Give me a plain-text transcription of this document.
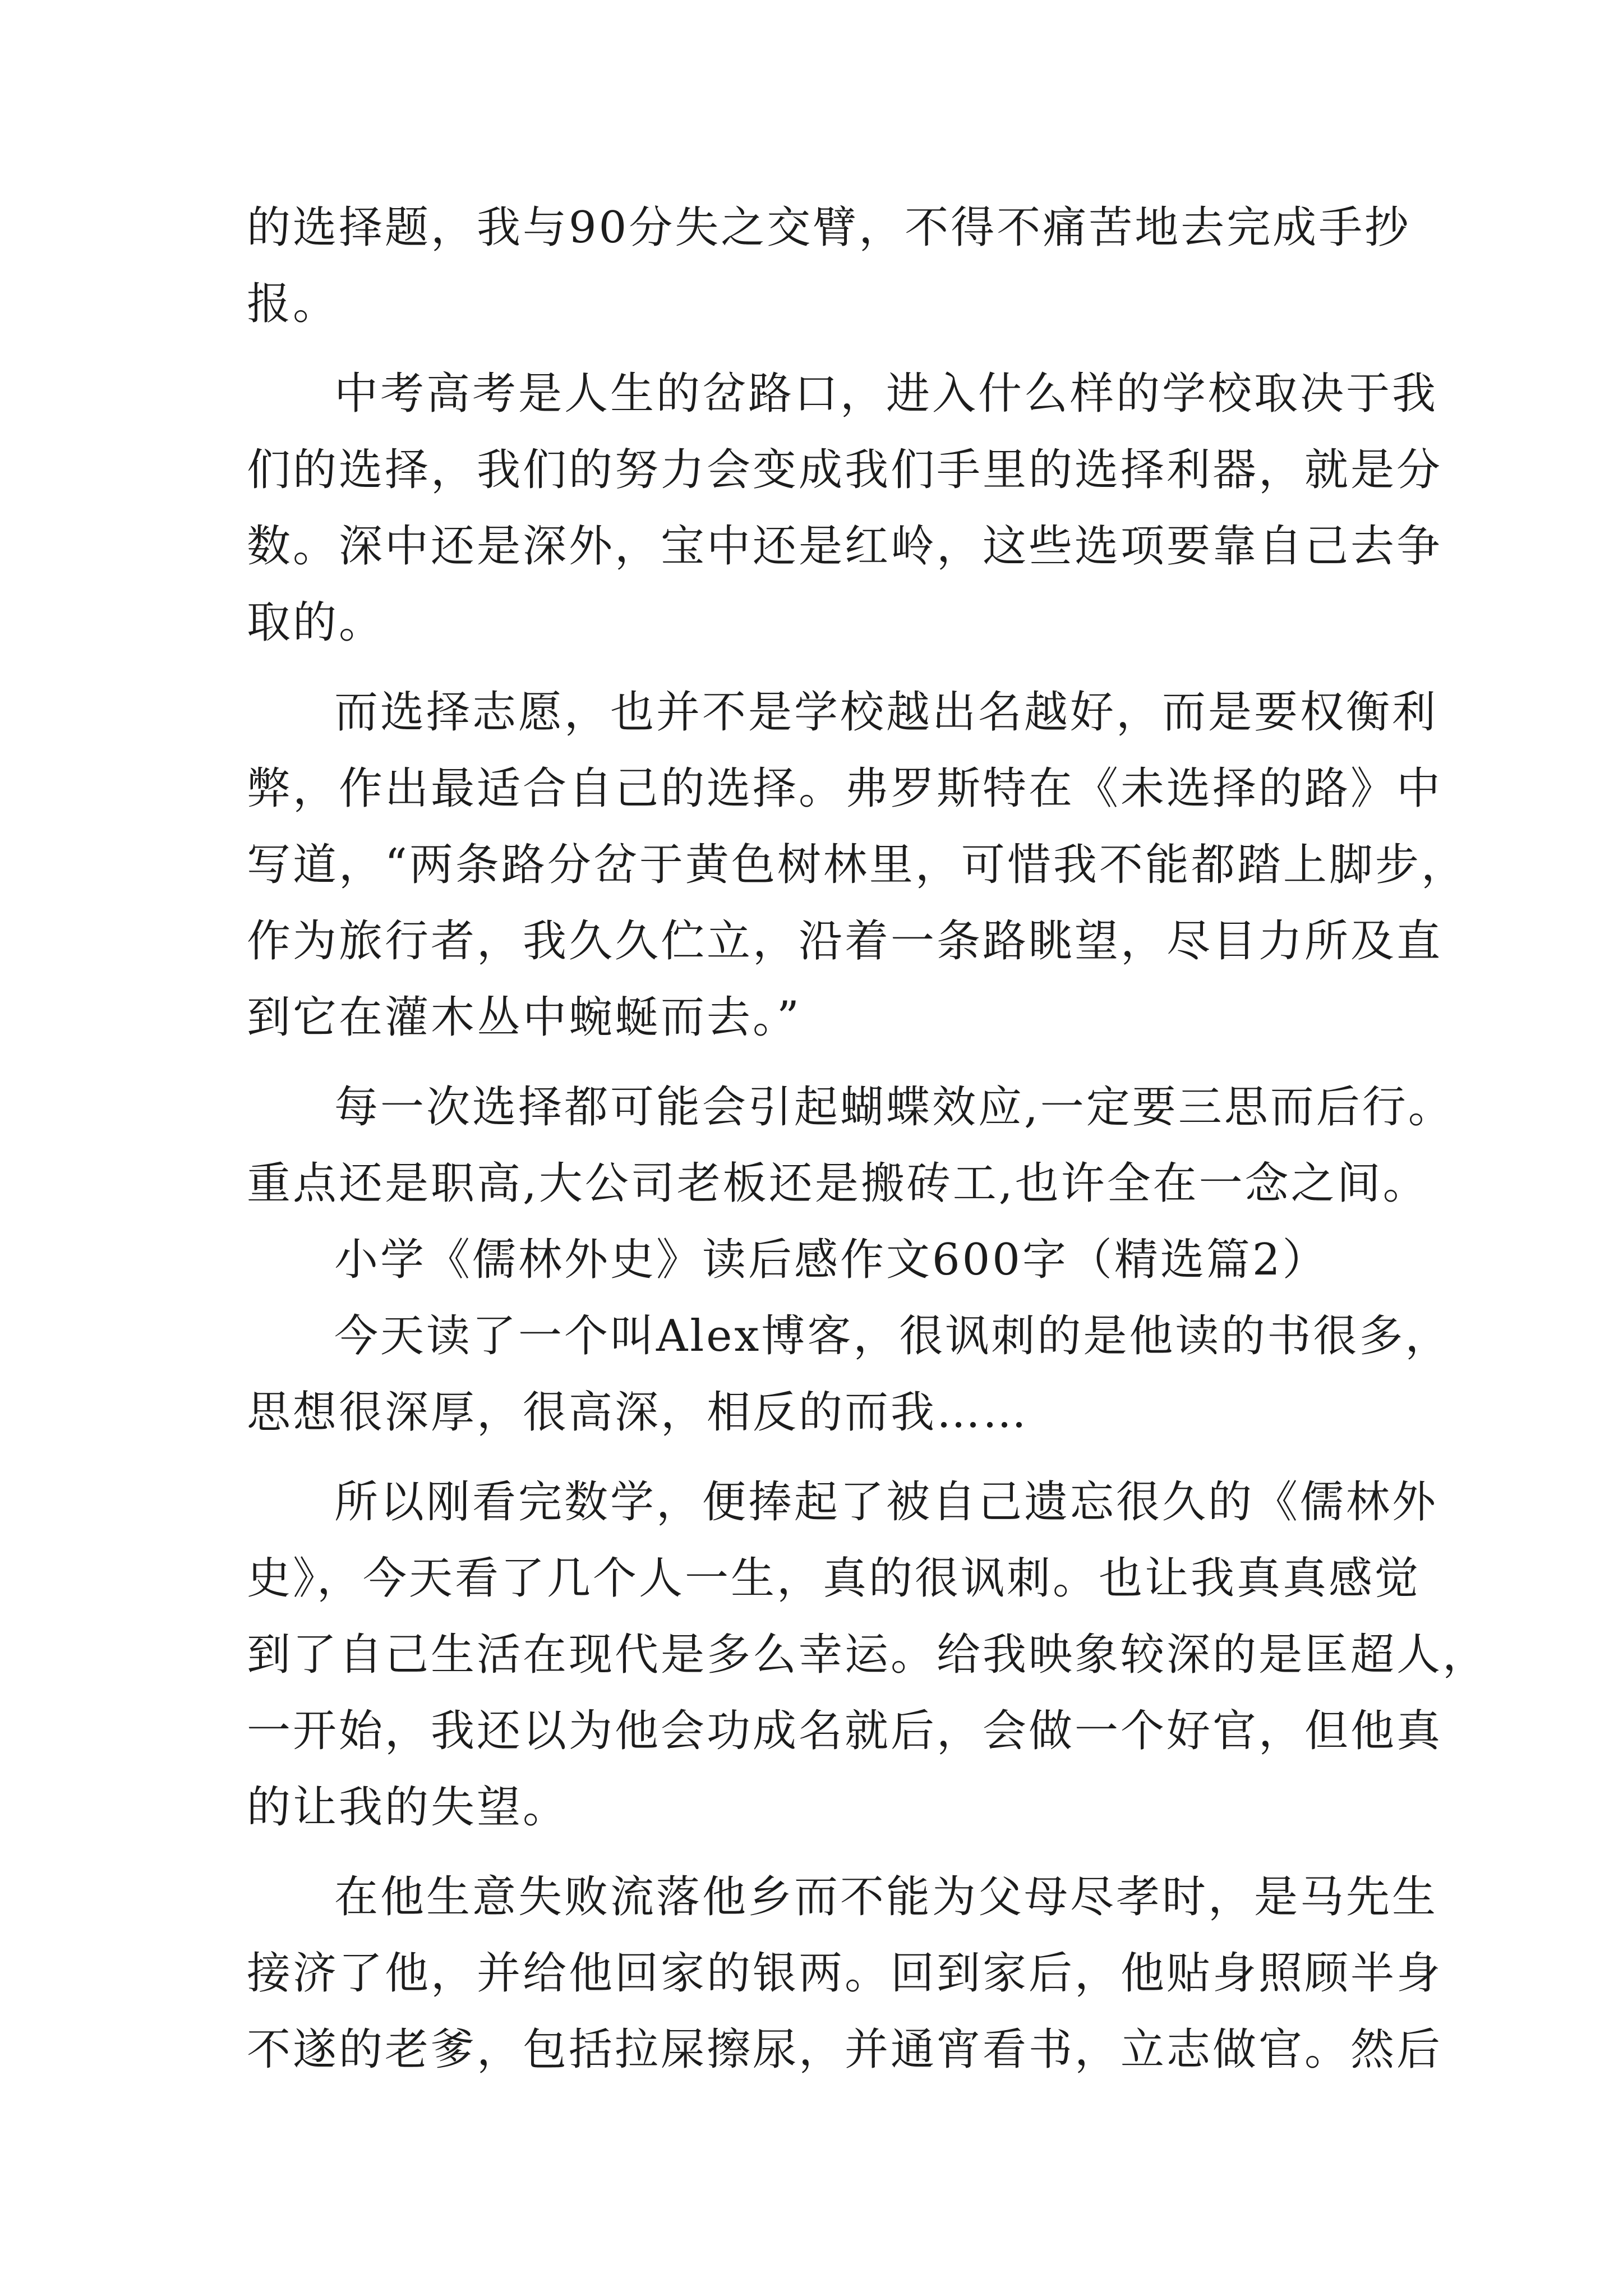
的选择题，我与90分失之交臂，不得不痛苦地去完成手抄
报。
中考高考是人生的岔路口，进入什么样的学校取决于我
们的选择，我们的努力会变成我们手里的选择利器，就是分
数。深中还是深外，宝中还是红岭，这些选项要靠自己去争
取的。
而选择志愿，也并不是学校越出名越好，而是要权衡利
弊，作出最适合自己的选择。弗罗斯特在《未选择的路》中
写道，“两条路分岔于黄色树林里，可惜我不能都踏上脚步，
作为旅行者，我久久伫立，沿着一条路眺望，尽目力所及直
到它在灌木丛中蜿蜒而去。”
每一次选择都可能会引起蝴蝶效应,一定要三思而后行。
重点还是职高,大公司老板还是搬砖工,也许全在一念之间。
小学《儒林外史》读后感作文600字（精选篇2）
今天读了一个叫Alex博客，很讽刺的是他读的书很多，
思想很深厚，很高深，相反的而我……
所以刚看完数学，便捧起了被自己遗忘很久的《儒林外
史》，今天看了几个人一生，真的很讽刺。也让我真真感觉
到了自己生活在现代是多么幸运。给我映象较深的是匡超人，
一开始，我还以为他会功成名就后，会做一个好官，但他真
的让我的失望。
在他生意失败流落他乡而不能为父母尽孝时，是马先生
接济了他，并给他回家的银两。回到家后，他贴身照顾半身
不遂的老爹，包括拉屎擦尿，并通宵看书，立志做官。然后
